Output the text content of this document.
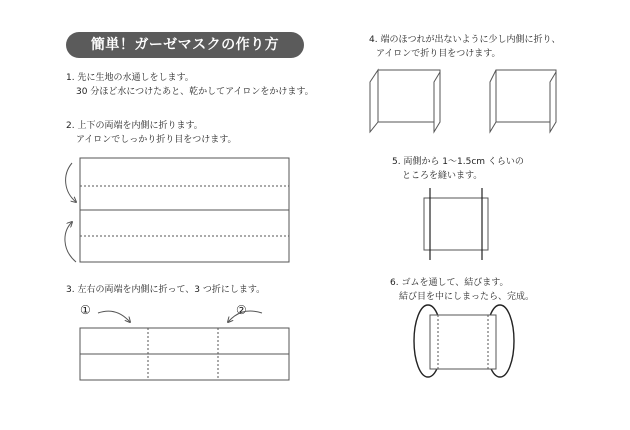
簡単！ガーゼマスクの作り方
1. 先に生地の水通しをします。
30 分ほど水につけたあと、乾かしてアイロンをかけます。
2. 上下の両端を内側に折ります。
アイロンでしっかり折り目をつけます。
3. 左右の両端を内側に折って、3 つ折にします。
①	②
4. 端のほつれが出ないように少し内側に折り、
アイロンで折り目をつけます。
5. 両側から 1～1.5cm くらいの
ところを縫います。
6. ゴムを通して、結びます。
結び目を中にしまったら、完成。
